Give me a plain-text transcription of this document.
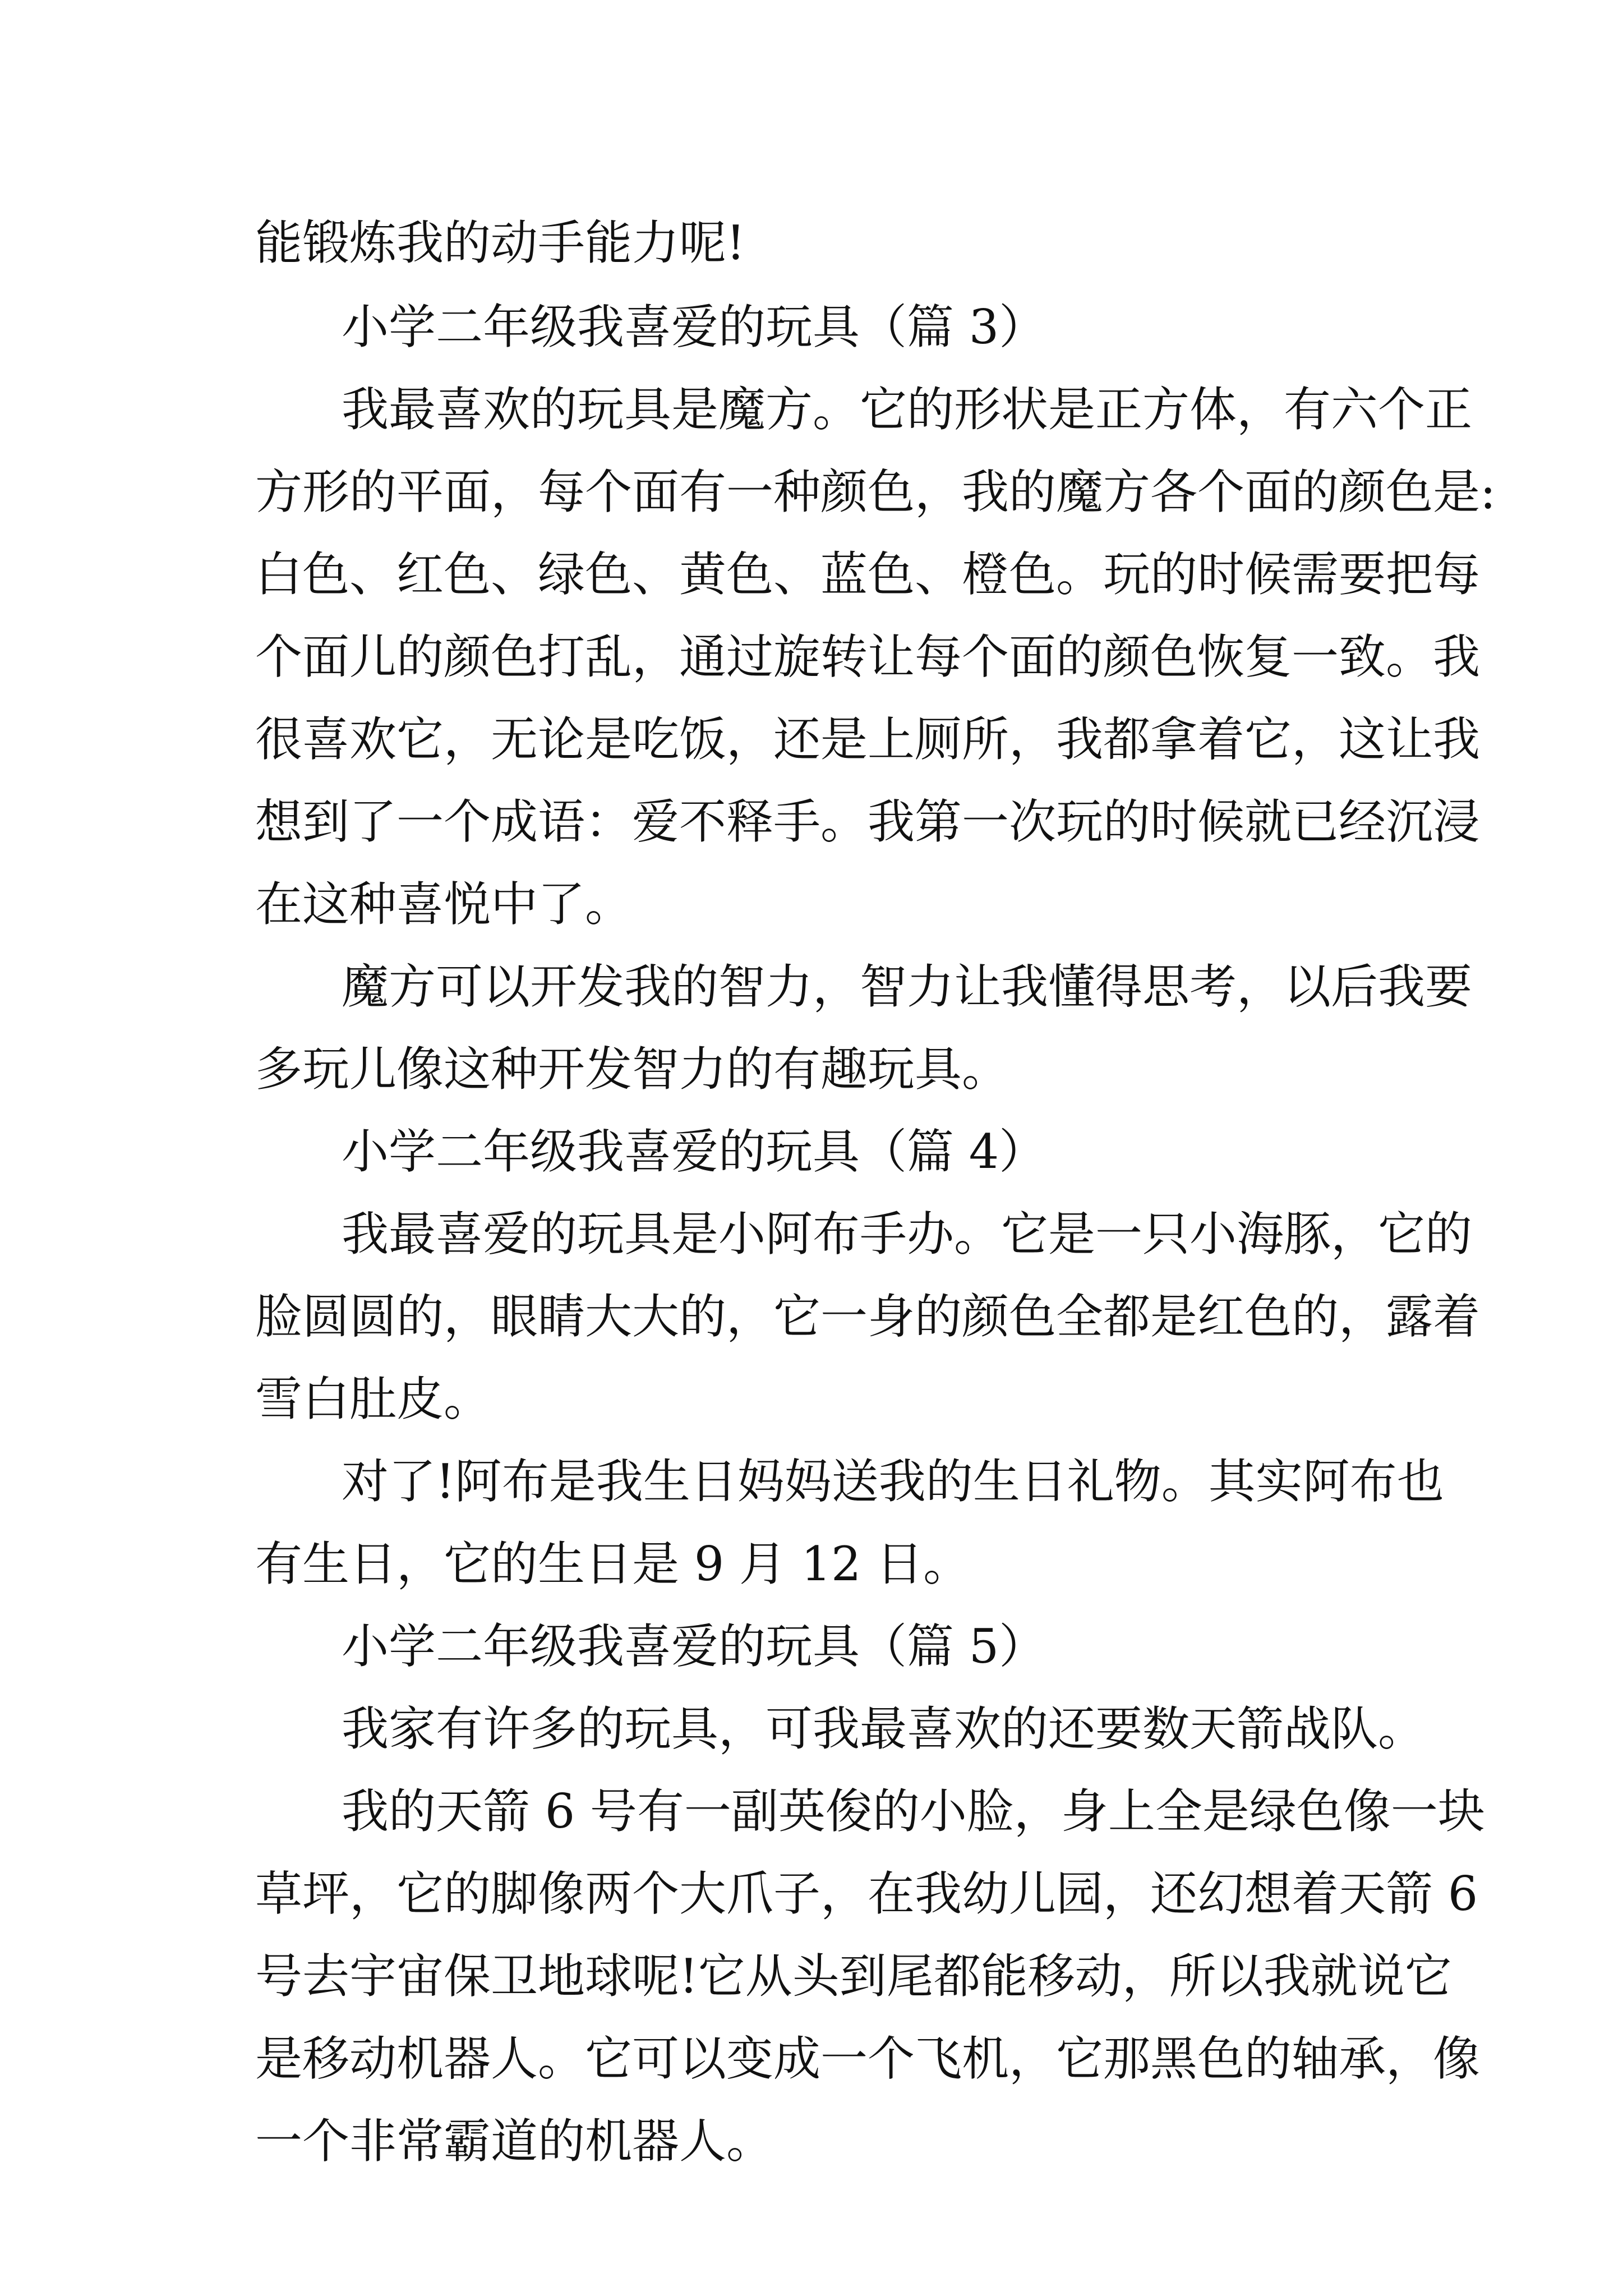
能锻炼我的动手能力呢!
小学二年级我喜爱的玩具（篇 3）
我最喜欢的玩具是魔方。它的形状是正方体，有六个正
方形的平面，每个面有一种颜色，我的魔方各个面的颜色是:
白色、红色、绿色、黄色、蓝色、橙色。玩的时候需要把每
个面儿的颜色打乱，通过旋转让每个面的颜色恢复一致。我
很喜欢它，无论是吃饭，还是上厕所，我都拿着它，这让我
想到了一个成语：爱不释手。我第一次玩的时候就已经沉浸
在这种喜悦中了。
魔方可以开发我的智力，智力让我懂得思考，以后我要
多玩儿像这种开发智力的有趣玩具。
小学二年级我喜爱的玩具（篇 4）
我最喜爱的玩具是小阿布手办。它是一只小海豚，它的
脸圆圆的，眼睛大大的，它一身的颜色全都是红色的，露着
雪白肚皮。
对了!阿布是我生日妈妈送我的生日礼物。其实阿布也
有生日，它的生日是 9 月 12 日。
小学二年级我喜爱的玩具（篇 5）
我家有许多的玩具，可我最喜欢的还要数天箭战队。
我的天箭 6 号有一副英俊的小脸，身上全是绿色像一块
草坪，它的脚像两个大爪子，在我幼儿园，还幻想着天箭 6
号去宇宙保卫地球呢!它从头到尾都能移动，所以我就说它
是移动机器人。它可以变成一个飞机，它那黑色的轴承，像
一个非常霸道的机器人。
